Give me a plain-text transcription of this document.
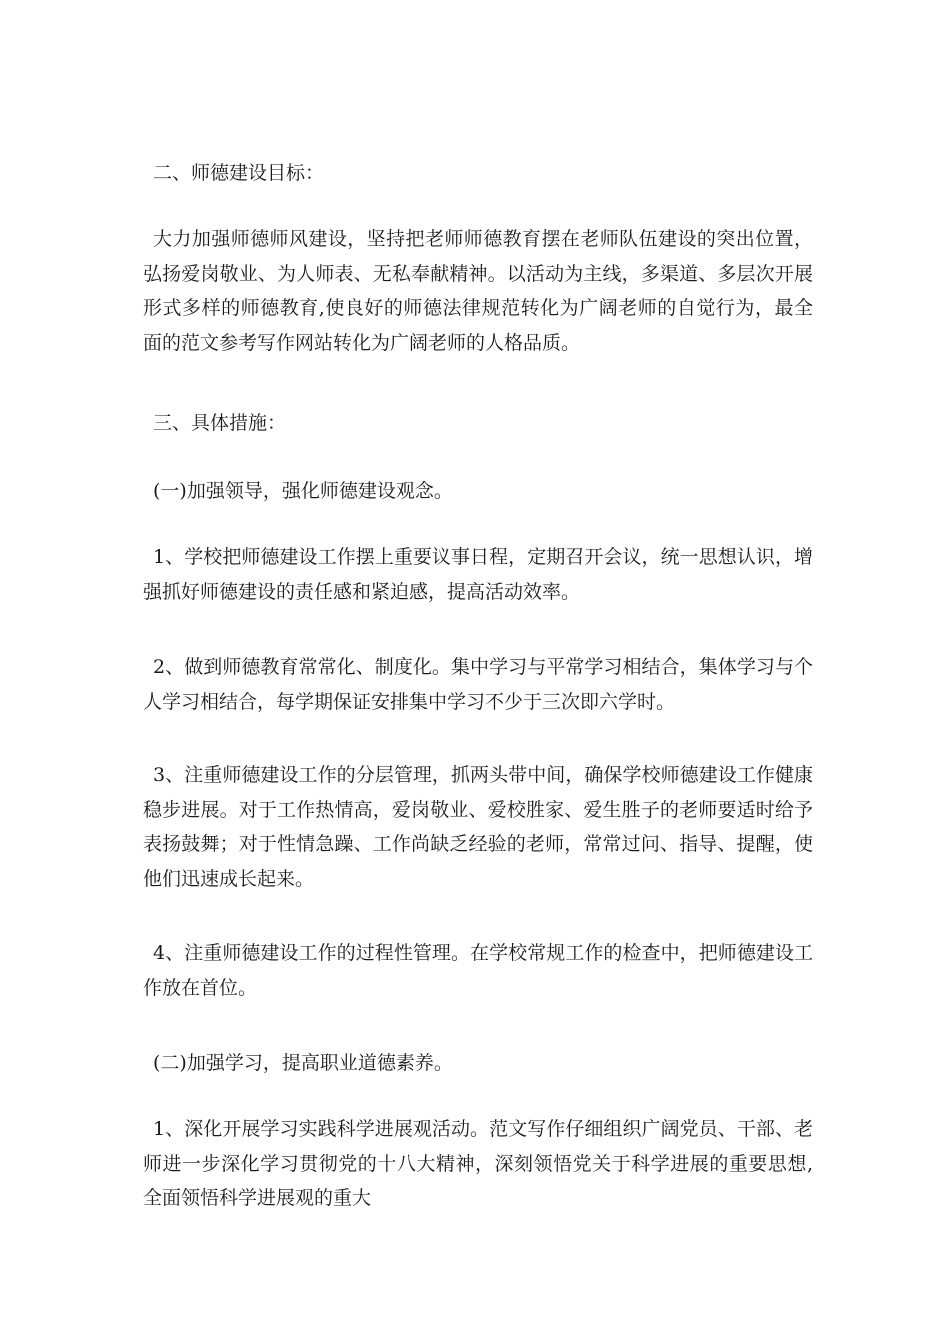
二、师德建设目标：

大力加强师德师风建设，坚持把老师师德教育摆在老师队伍建设的突出位置，弘扬爱岗敬业、为人师表、无私奉献精神。以活动为主线，多渠道、多层次开展形式多样的师德教育,使良好的师德法律规范转化为广阔老师的自觉行为，最全面的范文参考写作网站转化为广阔老师的人格品质。

三、具体措施：

(一)加强领导，强化师德建设观念。

1、学校把师德建设工作摆上重要议事日程，定期召开会议，统一思想认识，增强抓好师德建设的责任感和紧迫感，提高活动效率。

2、做到师德教育常常化、制度化。集中学习与平常学习相结合，集体学习与个人学习相结合，每学期保证安排集中学习不少于三次即六学时。

3、注重师德建设工作的分层管理，抓两头带中间，确保学校师德建设工作健康稳步进展。对于工作热情高，爱岗敬业、爱校胜家、爱生胜子的老师要适时给予表扬鼓舞；对于性情急躁、工作尚缺乏经验的老师，常常过问、指导、提醒，使他们迅速成长起来。

4、注重师德建设工作的过程性管理。在学校常规工作的检查中，把师德建设工作放在首位。

(二)加强学习，提高职业道德素养。

1、深化开展学习实践科学进展观活动。范文写作仔细组织广阔党员、干部、老师进一步深化学习贯彻党的十八大精神，深刻领悟党关于科学进展的重要思想,全面领悟科学进展观的重大
